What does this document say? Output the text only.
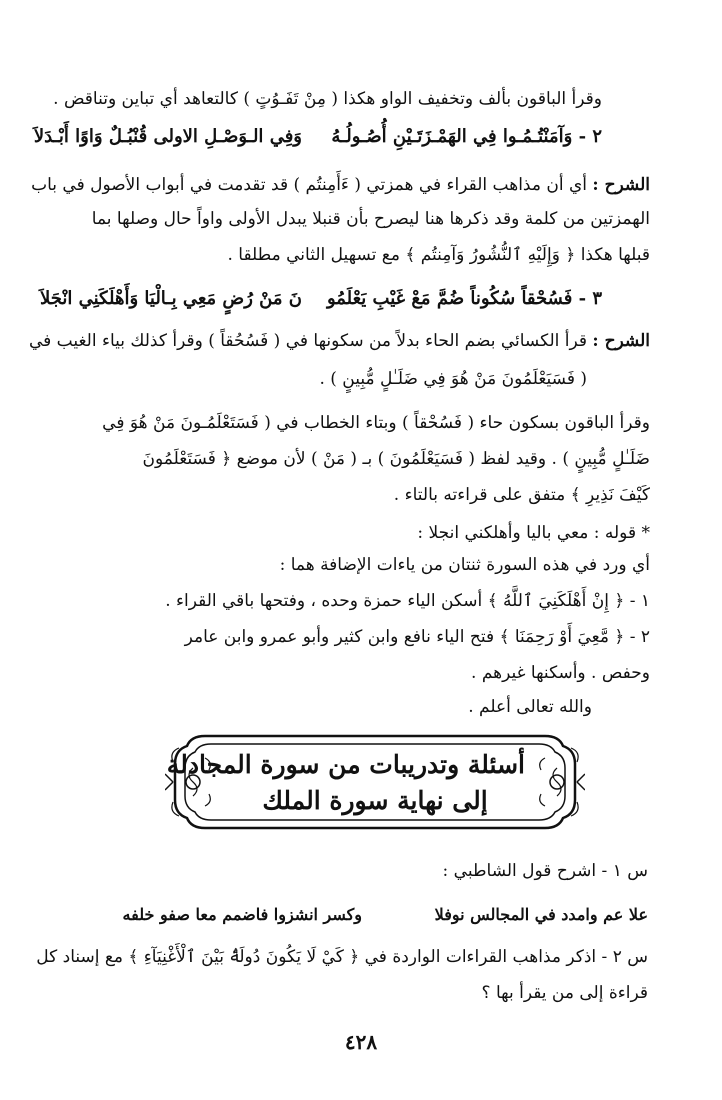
وقرأ الباقون بألف وتخفيف الواو هكذا ( مِنْ تَفَـوُتٍ ) كالتعاهد أي تباين وتناقض .
٢ - وَآمَنْتُـمُـوا فِي الهَمْـزَتَـيْنِ أُصُـولُـهُ
وَفِي الـوَصْـلِ الاولى قُنْبُـلٌ وَاوًا أَبْـدَلاَ
الشرح :
أي أن مذاهب القراء في همزتي ( ءَأَمِنتُم ) قد تقدمت في أبواب الأصول في باب
الهمزتين من كلمة وقد ذكرها هنا ليصرح بأن قنبلا يبدل الأولى واواً حال وصلها بما
قبلها هكذا ﴿ وَإِلَيْهِ ٱلنُّشُورُ وَآمِنتُم ﴾ مع تسهيل الثاني مطلقا .
٣ - فَسُحْقاً سُكُوناً ضُمَّ مَعْ غَيْبِ يَعْلَمُو
نَ مَنْ رُضٍ مَعِي بِـالْيَا وَأَهْلَكَنِي انْجَلاَ
الشرح :
قرأ الكسائي بضم الحاء بدلاً من سكونها في ( فَسُحُقاً ) وقرأ كذلك بياء الغيب في
( فَسَيَعْلَمُونَ مَنْ هُوَ فِي ضَلَـٰلٍ مُّبِينٍ ) .
وقرأ الباقون بسكون حاء ( فَسُحْقاً ) وبتاء الخطاب في ( فَسَتَعْلَمُـونَ مَنْ هُوَ فِي
ضَلَـٰلٍ مُّبِينٍ ) . وقيد لفظ ( فَسَيَعْلَمُونَ ) بـ ( مَنْ ) لأن موضع ﴿ فَسَتَعْلَمُونَ
كَيْفَ نَذِيرِ ﴾ متفق على قراءته بالتاء .
* قوله : معي باليا وأهلكني انجلا :
أي ورد في هذه السورة ثنتان من ياءات الإضافة هما :
١ - ﴿ إِنْ أَهْلَكَنِيَ ٱللَّهُ ﴾ أسكن الياء حمزة وحده ، وفتحها باقي القراء .
٢ - ﴿ مَّعِيَ أَوْ رَحِمَنَا ﴾ فتح الياء نافع وابن كثير وأبو عمرو وابن عامر
وحفص . وأسكنها غيرهم .
والله تعالى أعلم .
أسئلة وتدريبات من سورة المجادلة
إلى نهاية سورة الملك
س ١ - اشرح قول الشاطبي :
وكسر انشزوا فاضمم معا صفو خلفه	علا عم وامدد في المجالس نوفلا
س ٢ - اذكر مذاهب القراءات الواردة في ﴿ كَيْ لَا يَكُونَ دُولَةًۢ بَيْنَ ٱلْأَغْنِيَآءِ ﴾ مع إسناد كل
قراءة إلى من يقرأ بها ؟
٤٢٨
